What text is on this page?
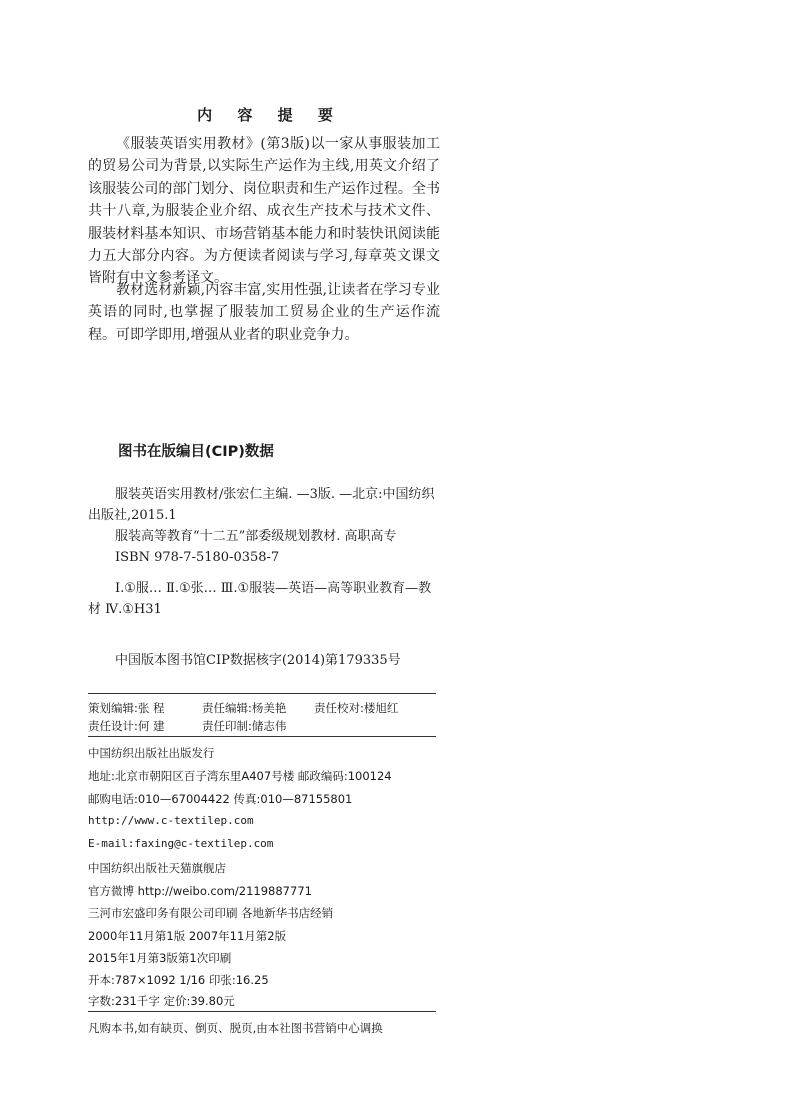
内 容 提 要

《服装英语实用教材》(第3版)以一家从事服装加工的贸易公司为背景,以实际生产运作为主线,用英文介绍了该服装公司的部门划分、岗位职责和生产运作过程。全书共十八章,为服装企业介绍、成衣生产技术与技术文件、服装材料基本知识、市场营销基本能力和时装快讯阅读能力五大部分内容。为方便读者阅读与学习,每章英文课文皆附有中文参考译文。

教材选材新颖,内容丰富,实用性强,让读者在学习专业英语的同时,也掌握了服装加工贸易企业的生产运作流程。可即学即用,增强从业者的职业竞争力。

图书在版编目(CIP)数据

服装英语实用教材/张宏仁主编. —3版. —北京:中国纺织出版社,2015.1

服装高等教育“十二五”部委级规划教材. 高职高专

ISBN 978-7-5180-0358-7

Ⅰ.①服… Ⅱ.①张… Ⅲ.①服装—英语—高等职业教育—教材 Ⅳ.①H31

中国版本图书馆CIP数据核字(2014)第179335号

策划编辑:张 程	责任编辑:杨美艳	责任校对:楼旭红
责任设计:何 建	责任印制:储志伟
中国纺织出版社出版发行
地址:北京市朝阳区百子湾东里A407号楼 邮政编码:100124
邮购电话:010—67004422 传真:010—87155801
http://www.c-textilep.com
E-mail:faxing@c-textilep.com
中国纺织出版社天猫旗舰店
官方微博 http://weibo.com/2119887771
三河市宏盛印务有限公司印刷 各地新华书店经销
2000年11月第1版 2007年11月第2版
2015年1月第3版第1次印刷
开本:787×1092 1/16 印张:16.25
字数:231千字 定价:39.80元
凡购本书,如有缺页、倒页、脱页,由本社图书营销中心调换
